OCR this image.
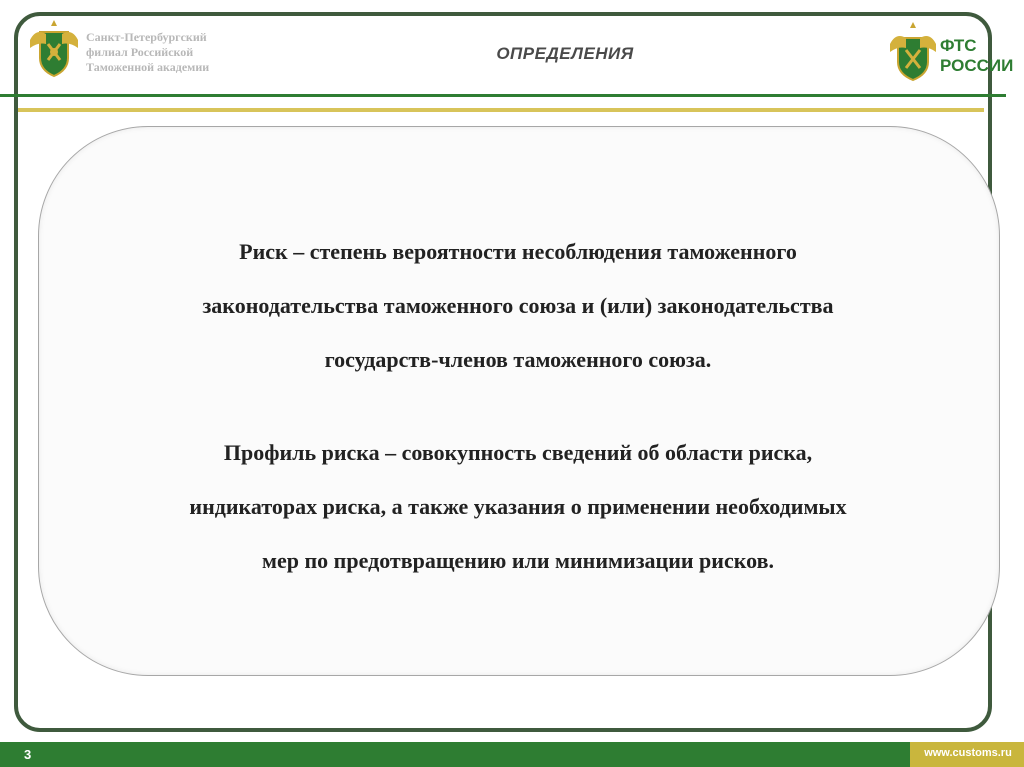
Санкт-Петербургский
филиал Российской
Таможенной академии
ОПРЕДЕЛЕНИЯ	ФТС
РОССИИ
Риск – степень вероятности несоблюдения таможенного
законодательства таможенного союза и (или) законодательства
государств-членов таможенного союза.
Профиль риска – совокупность сведений об области риска,
индикаторах риска, а также указания о применении необходимых
мер по предотвращению или минимизации рисков.
3	www.customs.ru
